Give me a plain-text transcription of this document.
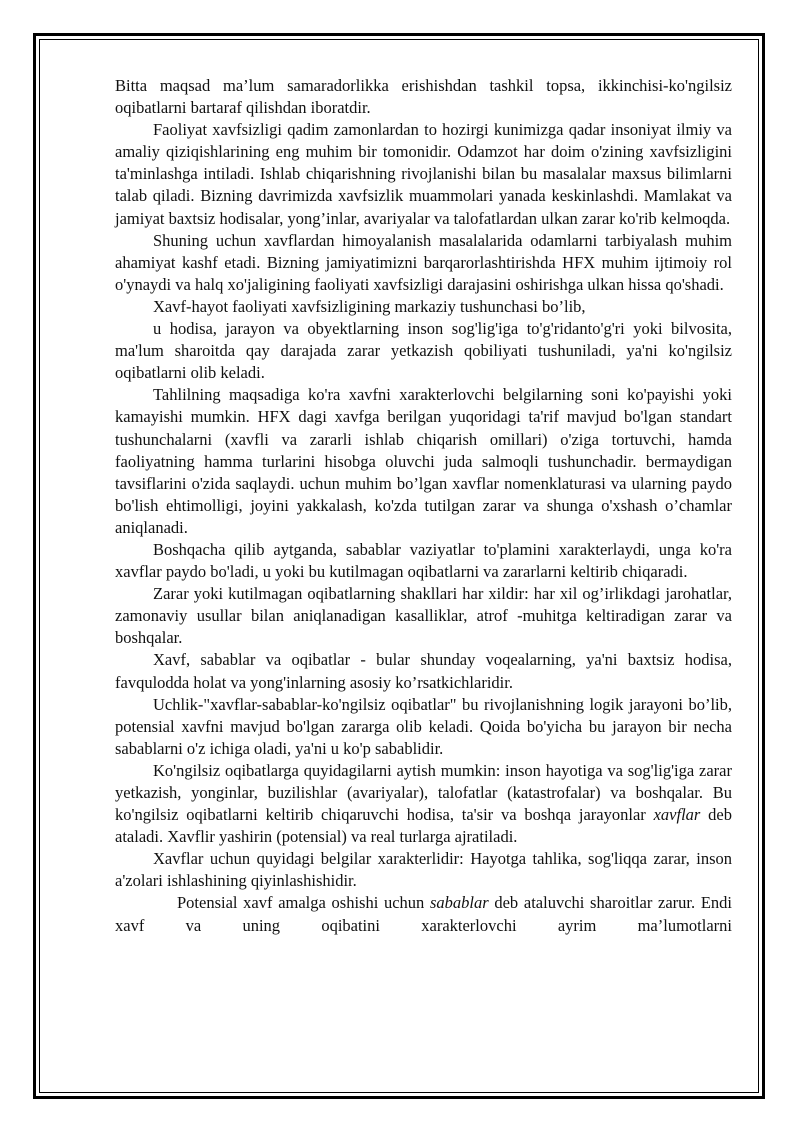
Bitta maqsad ma’lum samaradorlikka erishishdan tashkil topsa, ikkinchisi-ko'ngilsiz oqibatlarni bartaraf qilishdan iboratdir.

Faoliyat xavfsizligi qadim zamonlardan to hozirgi kunimizga qadar insoniyat ilmiy va amaliy qiziqishlarining eng muhim bir tomonidir. Odamzot har doim o'zining xavfsizligini ta'minlashga intiladi. Ishlab chiqarishning rivojlanishi bilan bu masalalar maxsus bilimlarni talab qiladi. Bizning davrimizda xavfsizlik muammolari yanada keskinlashdi. Mamlakat va jamiyat baxtsiz hodisalar, yong’inlar, avariyalar va talofatlardan ulkan zarar ko'rib kelmoqda.

Shuning uchun xavflardan himoyalanish masalalarida odamlarni tarbiyalash muhim ahamiyat kashf etadi. Bizning jamiyatimizni barqarorlashtirishda HFX muhim ijtimoiy rol o'ynaydi va halq xo'jaligining faoliyati xavfsizligi darajasini oshirishga ulkan hissa qo'shadi.

Xavf-hayot faoliyati xavfsizligining markaziy tushunchasi bo’lib,

u hodisa, jarayon va obyektlarning inson sog'lig'iga to'g'ridanto'g'ri yoki bilvosita, ma'lum sharoitda qay darajada zarar yetkazish qobiliyati tushuniladi, ya'ni ko'ngilsiz oqibatlarni olib keladi.

Tahlilning maqsadiga ko'ra xavfni xarakterlovchi belgilarning soni ko'payishi yoki kamayishi mumkin. HFX dagi xavfga berilgan yuqoridagi ta'rif mavjud bo'lgan standart tushunchalarni (xavfli va zararli ishlab chiqarish omillari) o'ziga tortuvchi, hamda faoliyatning hamma turlarini hisobga oluvchi juda salmoqli tushunchadir. bermaydigan tavsiflarini o'zida saqlaydi. uchun muhim bo’lgan xavflar nomenklaturasi va ularning paydo bo'lish ehtimolligi, joyini yakkalash, ko'zda tutilgan zarar va shunga o'xshash o’chamlar aniqlanadi.

Boshqacha qilib aytganda, sabablar vaziyatlar to'plamini xarakterlaydi, unga ko'ra xavflar paydo bo'ladi, u yoki bu kutilmagan oqibatlarni va zararlarni keltirib chiqaradi.

Zarar yoki kutilmagan oqibatlarning shakllari har xildir: har xil og’irlikdagi jarohatlar, zamonaviy usullar bilan aniqlanadigan kasalliklar, atrof -muhitga keltiradigan zarar va boshqalar.

Xavf, sabablar va oqibatlar - bular shunday voqealarning, ya'ni baxtsiz hodisa, favqulodda holat va yong'inlarning asosiy ko’rsatkichlaridir.

Uchlik-"xavflar-sabablar-ko'ngilsiz oqibatlar" bu rivojlanishning logik jarayoni bo’lib, potensial xavfni mavjud bo'lgan zararga olib keladi. Qoida bo'yicha bu jarayon bir necha sabablarni o'z ichiga oladi, ya'ni u ko'p sabablidir.

Ko'ngilsiz oqibatlarga quyidagilarni aytish mumkin: inson hayotiga va sog'lig'iga zarar yetkazish, yonginlar, buzilishlar (avariyalar), talofatlar (katastrofalar) va boshqalar. Bu ko'ngilsiz oqibatlarni keltirib chiqaruvchi hodisa, ta'sir va boshqa jarayonlar xavflar deb ataladi. Xavflir yashirin (potensial) va real turlarga ajratiladi.

Xavflar uchun quyidagi belgilar xarakterlidir: Hayotga tahlika, sog'liqqa zarar, inson a'zolari ishlashining qiyinlashishidir.

Potensial xavf amalga oshishi uchun sabablar deb ataluvchi sharoitlar zarur. Endi xavf va uning oqibatini xarakterlovchi ayrim ma’lumotlarni
